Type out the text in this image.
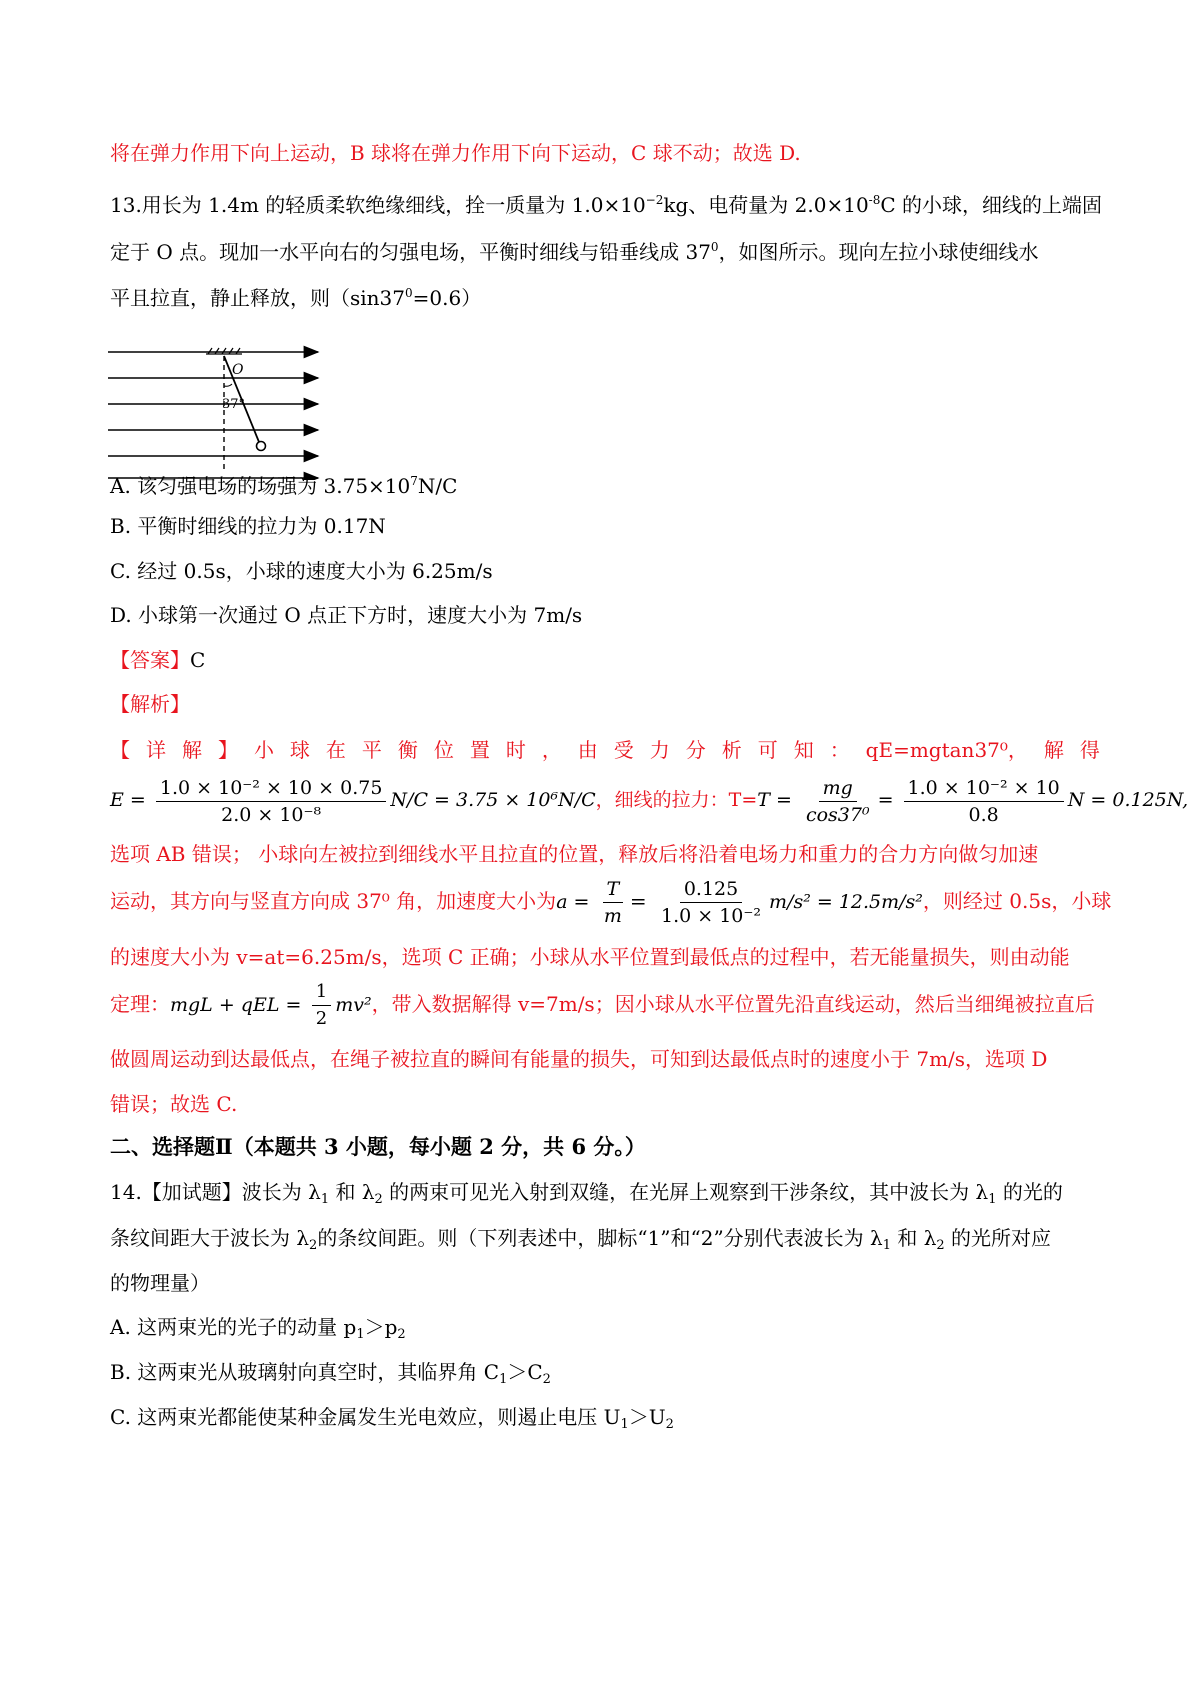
将在弹力作用下向上运动，B 球将在弹力作用下向下运动，C 球不动；故选 D.
13.用长为 1.4m 的轻质柔软绝缘细线，拴一质量为 $1.0\times 10^{-2}kg$、电荷量为 $2.0\times 10^{-8}C$ 的小球，细线的上端固
定于 O 点。现加一水平向右的匀强电场，平衡时细线与铅垂线成 $37^0$，如图所示。现向左拉小球使细线水
平且拉直，静止释放，则$(\sin 37^0=0.6)$
O
37°
A. 该匀强电场的场强为 $3.75\times 10^7N/C$
B. 平衡时细线的拉力为 0.17N
C. 经过 0.5s，小球的速度大小为 6.25m/s
D. 小球第一次通过 O 点正下方时，速度大小为 7m/s
【答案】C
【解析】
【 详 解 】 小 球 在 平 衡 位 置 时 ， 由 受 力 分 析 可 知 ： qE=mgtan37⁰， 解 得
$E = \frac{\text{1.0 × 10⁻² × 10 × 0.75}}{\text{2.0 × 10⁻⁸}} N/C = 3.75 \times 10^6N/C$，细线的拉力：$T=T = \frac{mg}{\text{cos37⁰}} = \frac{\text{1.0 × 10⁻² × 10}}{0.8}$ N = 0.125N,
选项 AB 错误； 小球向左被拉到细线水平且拉直的位置，释放后将沿着电场力和重力的合力方向做匀加速
运动，其方向与竖直方向成 37⁰ 角，加速度大小为$a = \frac{T}{m} = \frac{0.125}{\text{1.0 × 10⁻²}} m/s^2 = 12.5m/s^2$，则经过 0.5s，小球
的速度大小为 v=at=6.25m/s，选项 C 正确；小球从水平位置到最低点的过程中，若无能量损失，则由动能
定理：mgL + qEL = $\frac{1}{2} mv^2$，带入数据解得 v=7m/s；因小球从水平位置先沿直线运动，然后当细绳被拉直后
做圆周运动到达最低点，在绳子被拉直的瞬间有能量的损失，可知到达最低点时的速度小于 7m/s，选项 D
错误；故选 C.
二、选择题Ⅱ（本题共 3 小题，每小题 2 分，共 6 分。）
14.【加试题】波长为 $\lambda_1$ 和 $\lambda_2$ 的两束可见光入射到双缝，在光屏上观察到干涉条纹，其中波长为 $\lambda_1$ 的光的
条纹间距大于波长为 $\lambda_2$的条纹间距。则（下列表述中，脚标“1”和“2”分别代表波长为 $\lambda_1$ 和 $\lambda_2$ 的光所对应
的物理量）
A. 这两束光的光子的动量 $p_1>p_2$
B. 这两束光从玻璃射向真空时，其临界角 $C_1>C_2$
C. 这两束光都能使某种金属发生光电效应，则遏止电压 $U_1>U_2$
